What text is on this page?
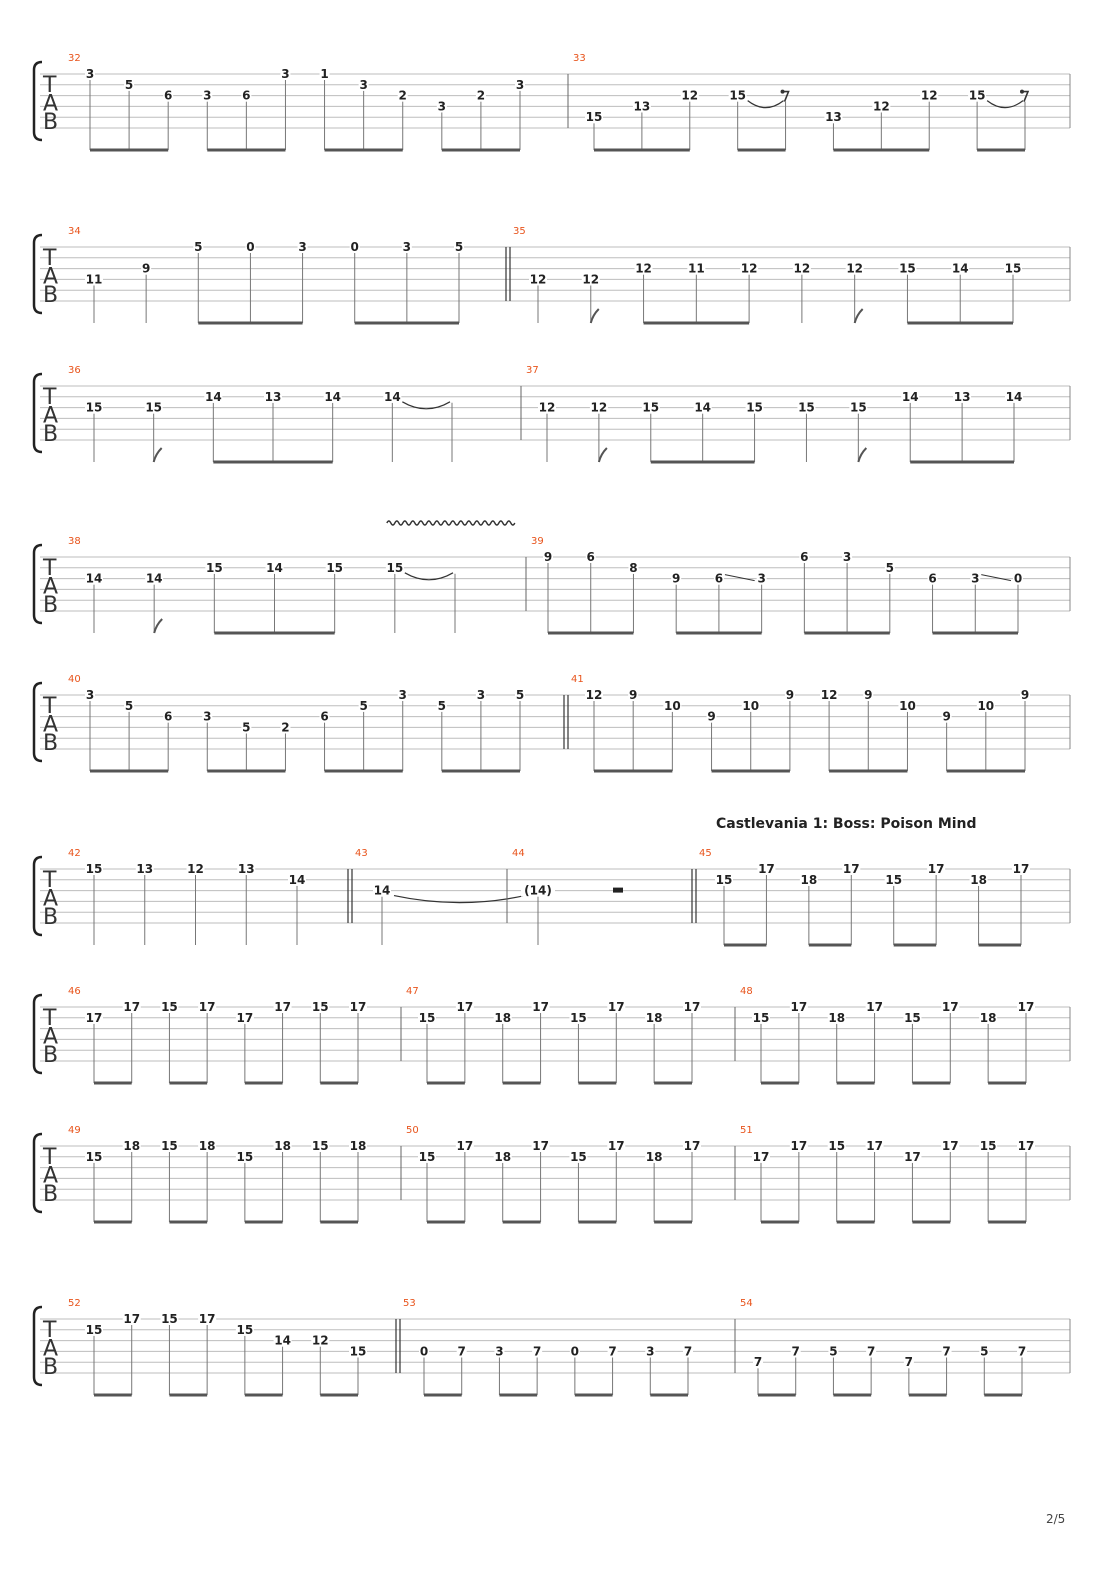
Castlevania 1: Boss: Poison Mind
2/5
T
A
B
32
3
5
6	3	6
3	1
3
2
3
2
3
33
15
13
12	15
13
12
12	15
T
A
B
34
11
9
5	0	3	0	3	5
35
12	12
12	11	12	12	12	15	14	15
T
A
B
36
15	15
14	13	14	14
37
12	12	15	14	15	15	15
14	13	14
T
A
B
38
14	14
15	14	15	15
39
9	6
8
9	6	3
6	3
5
6	3	0
T
A
B
40
3
5
6	3
5	2
6
5
3
5
3	5
41
12 9
10
9
10
9 12 9
10
9
10
9
T
A
B
42
15	13	12	13
14
43
14
44
(14)
45
15
17
18
17
15
17
18
17
T
A
B
46
17
17 15 17
17
17 15 17
47
15
17
18
17
15
17
18
17
48
15
17
18
17
15
17
18
17
T
A
B
49
15
18 15 18
15
18 15 18
50
15
17
18
17
15
17
18
17
51
17
17 15 17
17
17 15 17
T
A
B
52
15
17 15 17
15
14 12
15
53
0 7 3 7 0 7 3 7
54
7
7 5 7
7
7 5 7
